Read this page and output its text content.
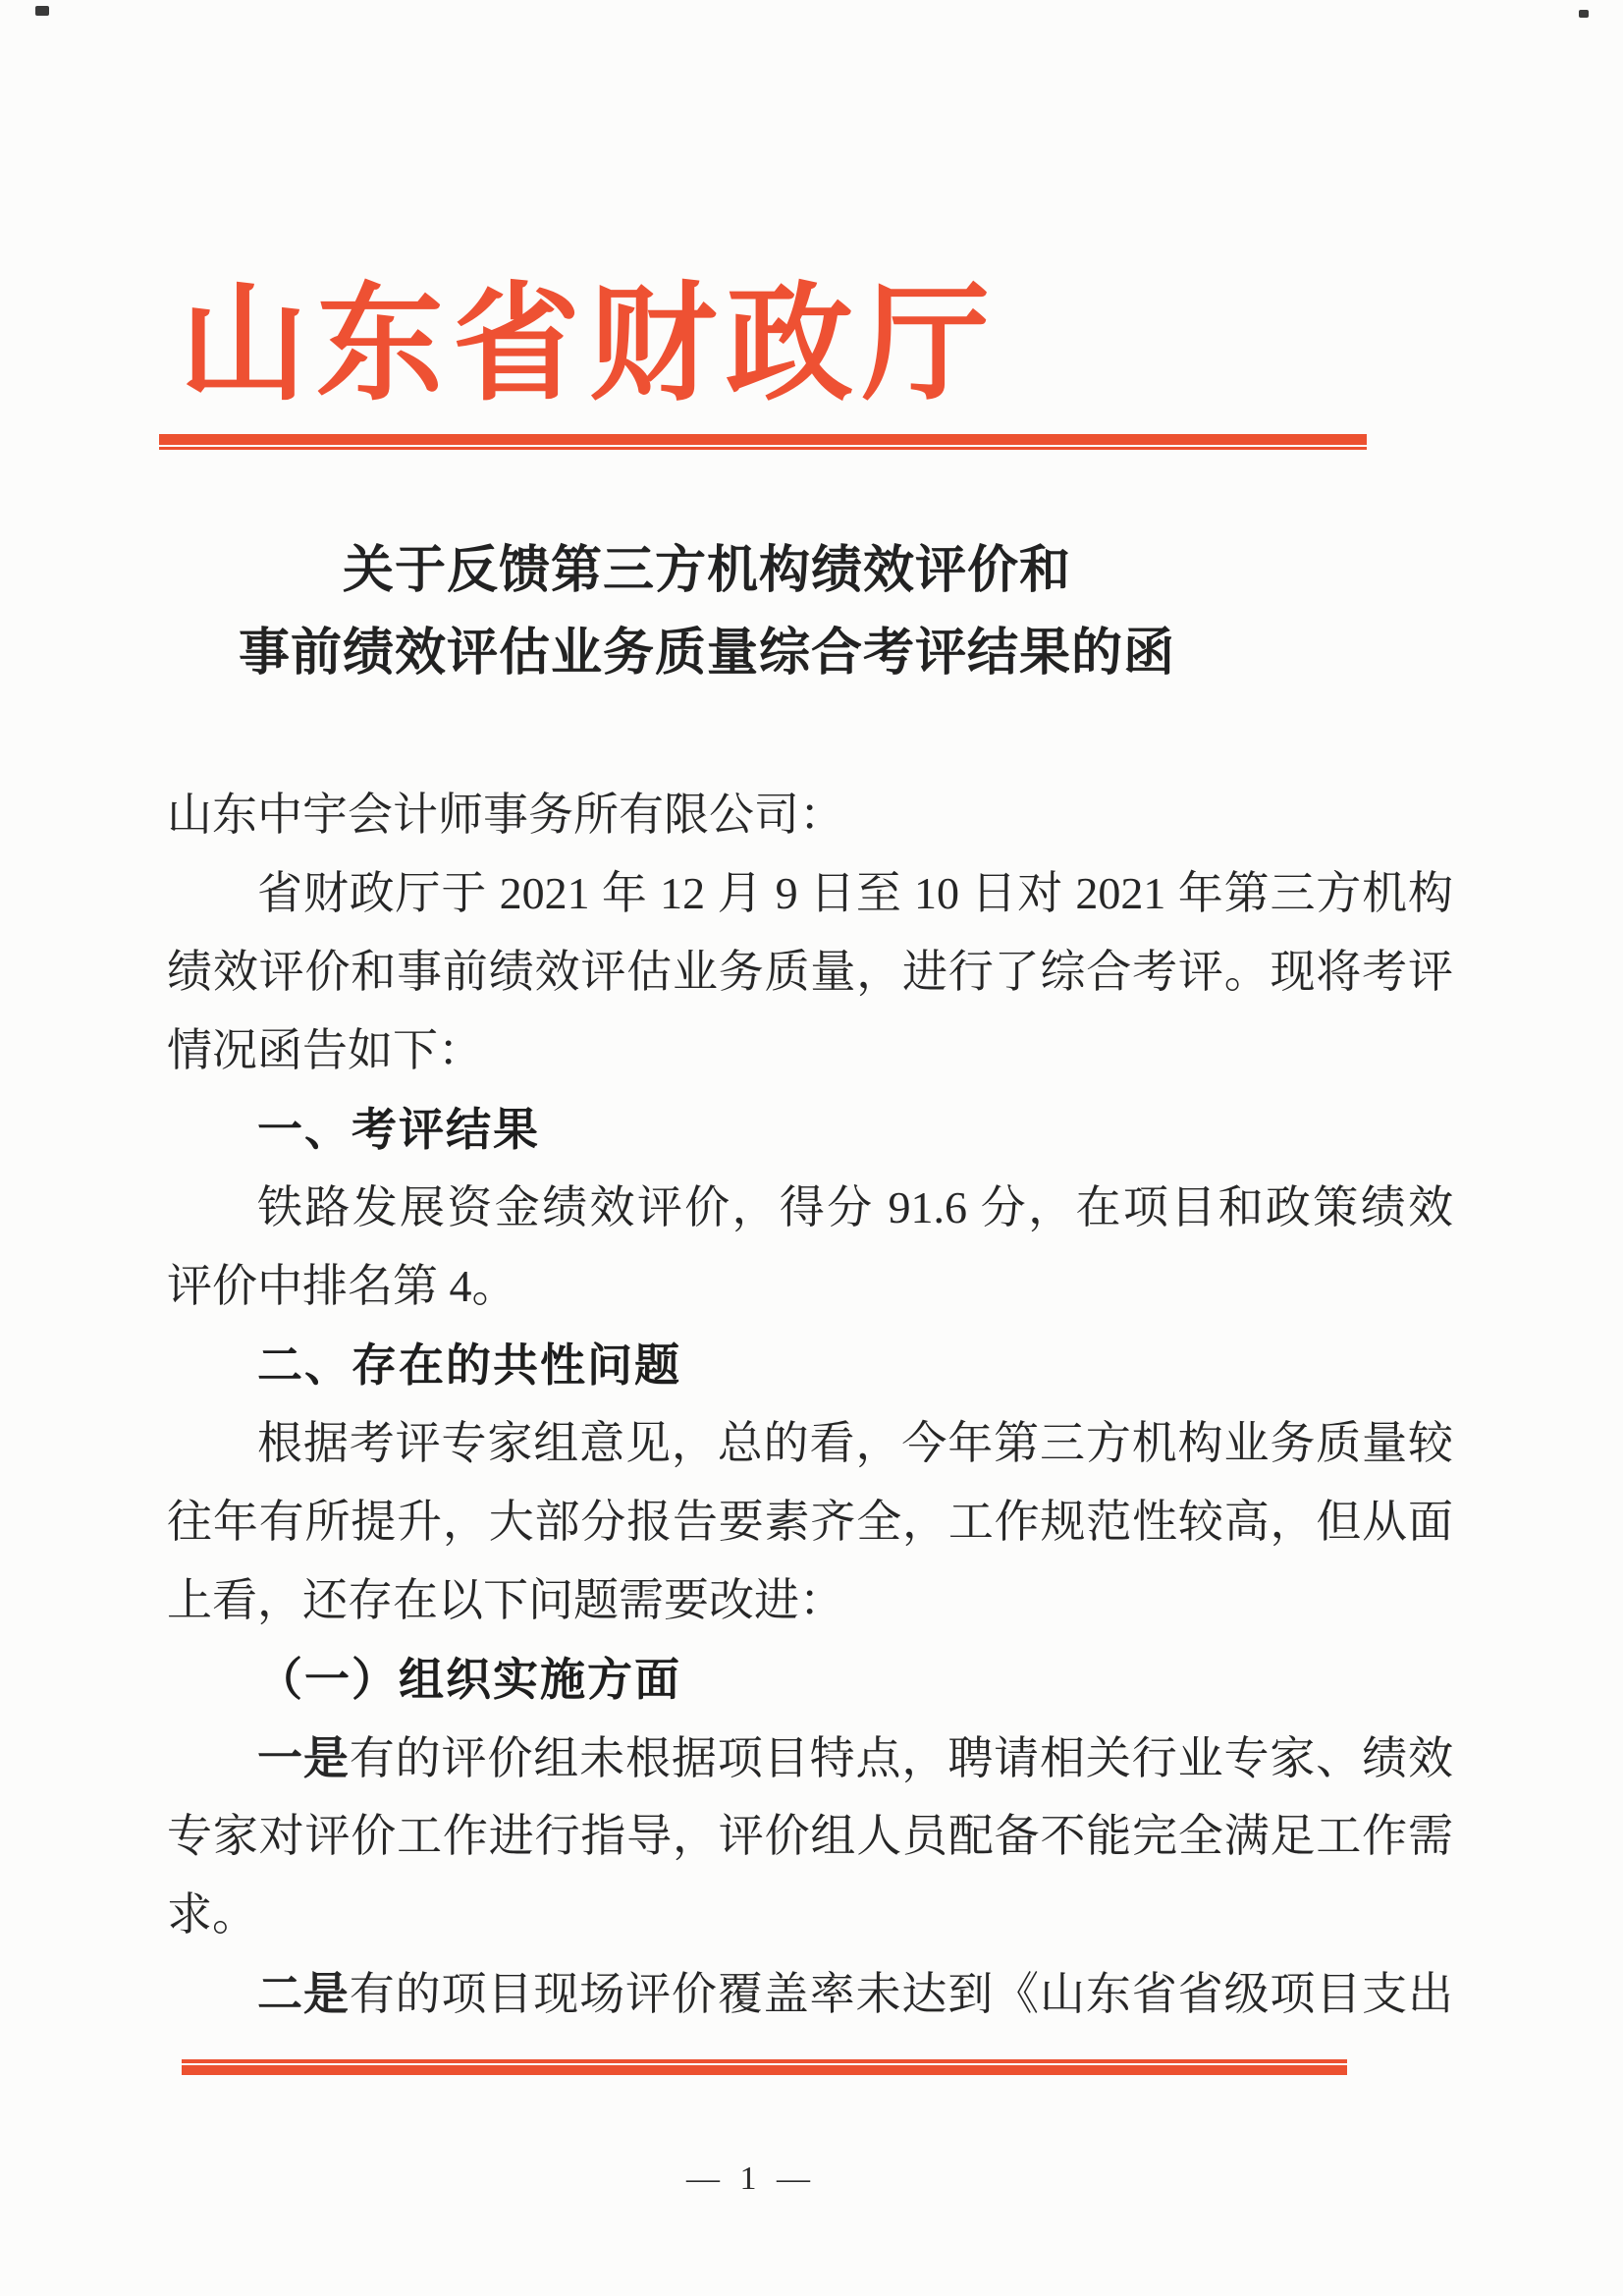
山东省财政厅
关于反馈第三方机构绩效评价和
事前绩效评估业务质量综合考评结果的函
山东中宇会计师事务所有限公司：
省财政厅于 2021 年 12 月 9 日至 10 日对 2021 年第三方机构
绩效评价和事前绩效评估业务质量，进行了综合考评。现将考评
情况函告如下：
一、考评结果
铁路发展资金绩效评价，得分 91.6 分，在项目和政策绩效
评价中排名第 4。
二、存在的共性问题
根据考评专家组意见，总的看，今年第三方机构业务质量较
往年有所提升，大部分报告要素齐全，工作规范性较高，但从面
上看，还存在以下问题需要改进：
（一）组织实施方面
一是有的评价组未根据项目特点，聘请相关行业专家、绩效
专家对评价工作进行指导，评价组人员配备不能完全满足工作需
求。
二是有的项目现场评价覆盖率未达到《山东省省级项目支出
— 1 —
